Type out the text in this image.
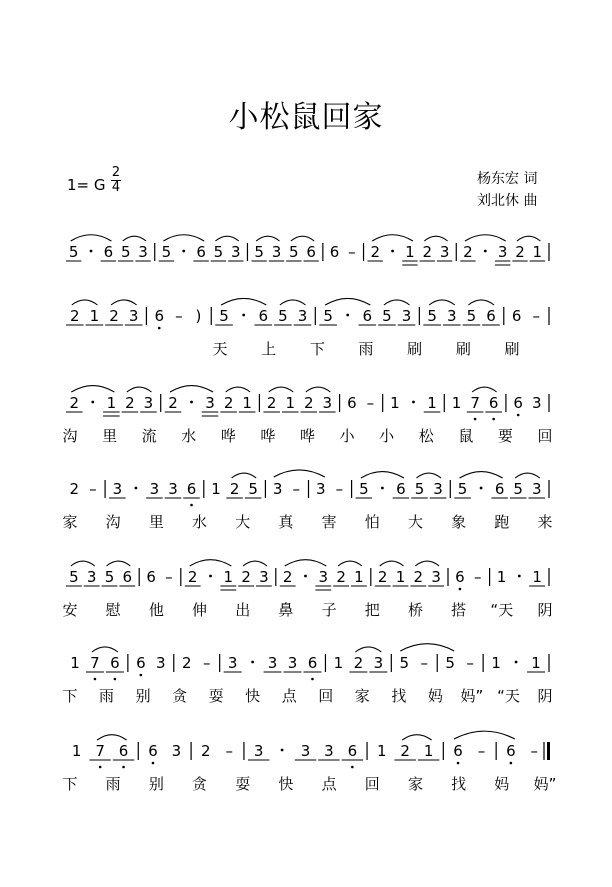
小松鼠回家
1= G
2
4
杨东宏 词
刘北休 曲
5 6 5 3 5 6 5 3 5 3 5 6 6 – 2 1 2 3 2 3 2 1
2 1 2 3 6 – ) 5 6 5 3 5 6 5 3 5 3 5 6 6 –
天 上 下 雨 刷 刷 刷
2 1 2 3 2 3 2 1 2 1 2 3 6 – 1 1 1 7 6 6 3
沟 里 流 水 哗 哗 哗 小 小 松 鼠 要 回
2 – 3 3 3 6 1 2 5 3 – 3 – 5 6 5 3 5 6 5 3
家 沟 里 水 大 真 害 怕 大 象 跑 来
5 3 5 6 6 – 2 1 2 3 2 3 2 1 2 1 2 3 6 – 1 1
安 慰 他 伸 出 鼻 子 把 桥 搭 “天 阴
1 7 6 6 3 2 – 3 3 3 6 1 2 3 5 – 5 – 1 1
下 雨 别 贪 耍 快 点 回 家 找 妈 妈” “天 阴
1 7 6 6 3 2 – 3 3 3 6 1 2 1 6 – 6 –
下 雨 别 贪 耍 快 点 回 家 找 妈 妈”
